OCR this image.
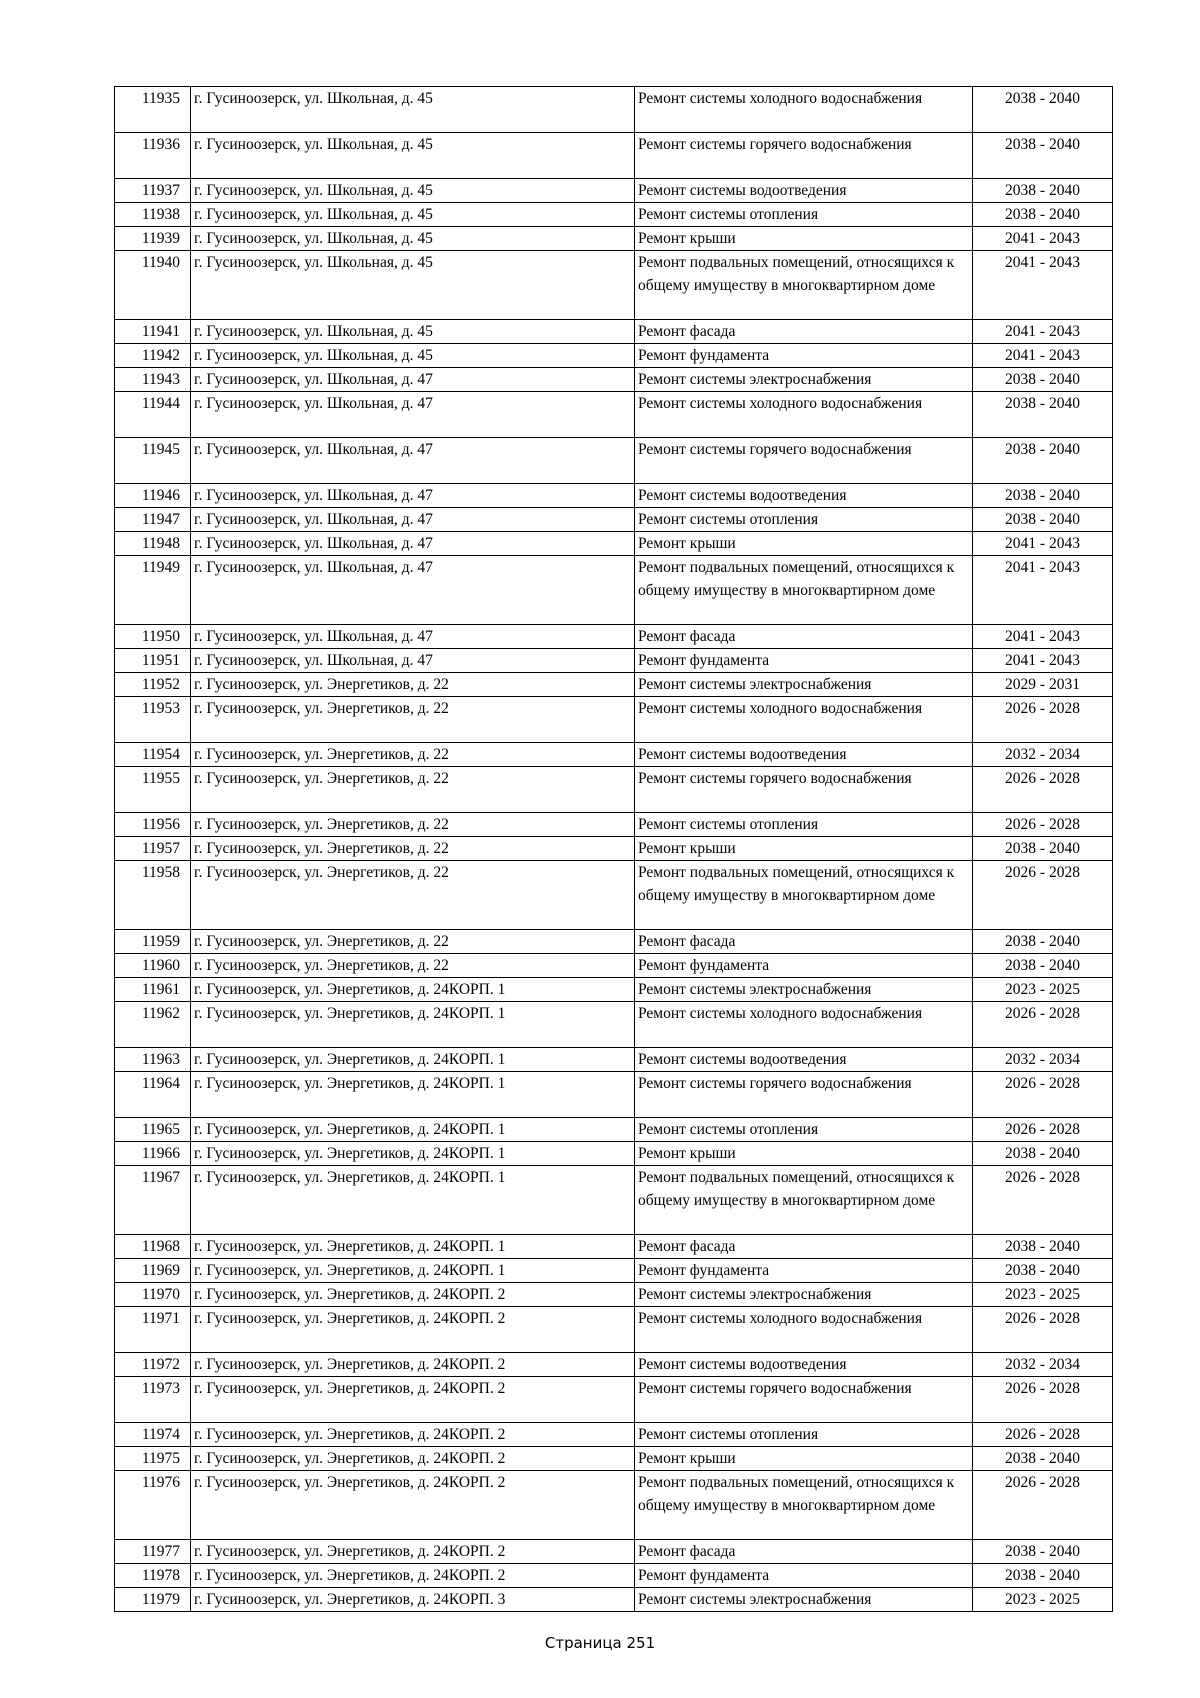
11935	г. Гусиноозерск, ул. Школьная, д. 45	Ремонт системы холодного водоснабжения	2038 - 2040
11936	г. Гусиноозерск, ул. Школьная, д. 45	Ремонт системы горячего водоснабжения	2038 - 2040
11937	г. Гусиноозерск, ул. Школьная, д. 45	Ремонт системы водоотведения	2038 - 2040
11938	г. Гусиноозерск, ул. Школьная, д. 45	Ремонт системы отопления	2038 - 2040
11939	г. Гусиноозерск, ул. Школьная, д. 45	Ремонт крыши	2041 - 2043
11940	г. Гусиноозерск, ул. Школьная, д. 45	Ремонт подвальных помещений, относящихся к общему имуществу в многоквартирном доме	2041 - 2043
11941	г. Гусиноозерск, ул. Школьная, д. 45	Ремонт фасада	2041 - 2043
11942	г. Гусиноозерск, ул. Школьная, д. 45	Ремонт фундамента	2041 - 2043
11943	г. Гусиноозерск, ул. Школьная, д. 47	Ремонт системы электроснабжения	2038 - 2040
11944	г. Гусиноозерск, ул. Школьная, д. 47	Ремонт системы холодного водоснабжения	2038 - 2040
11945	г. Гусиноозерск, ул. Школьная, д. 47	Ремонт системы горячего водоснабжения	2038 - 2040
11946	г. Гусиноозерск, ул. Школьная, д. 47	Ремонт системы водоотведения	2038 - 2040
11947	г. Гусиноозерск, ул. Школьная, д. 47	Ремонт системы отопления	2038 - 2040
11948	г. Гусиноозерск, ул. Школьная, д. 47	Ремонт крыши	2041 - 2043
11949	г. Гусиноозерск, ул. Школьная, д. 47	Ремонт подвальных помещений, относящихся к общему имуществу в многоквартирном доме	2041 - 2043
11950	г. Гусиноозерск, ул. Школьная, д. 47	Ремонт фасада	2041 - 2043
11951	г. Гусиноозерск, ул. Школьная, д. 47	Ремонт фундамента	2041 - 2043
11952	г. Гусиноозерск, ул. Энергетиков, д. 22	Ремонт системы электроснабжения	2029 - 2031
11953	г. Гусиноозерск, ул. Энергетиков, д. 22	Ремонт системы холодного водоснабжения	2026 - 2028
11954	г. Гусиноозерск, ул. Энергетиков, д. 22	Ремонт системы водоотведения	2032 - 2034
11955	г. Гусиноозерск, ул. Энергетиков, д. 22	Ремонт системы горячего водоснабжения	2026 - 2028
11956	г. Гусиноозерск, ул. Энергетиков, д. 22	Ремонт системы отопления	2026 - 2028
11957	г. Гусиноозерск, ул. Энергетиков, д. 22	Ремонт крыши	2038 - 2040
11958	г. Гусиноозерск, ул. Энергетиков, д. 22	Ремонт подвальных помещений, относящихся к общему имуществу в многоквартирном доме	2026 - 2028
11959	г. Гусиноозерск, ул. Энергетиков, д. 22	Ремонт фасада	2038 - 2040
11960	г. Гусиноозерск, ул. Энергетиков, д. 22	Ремонт фундамента	2038 - 2040
11961	г. Гусиноозерск, ул. Энергетиков, д. 24КОРП. 1	Ремонт системы электроснабжения	2023 - 2025
11962	г. Гусиноозерск, ул. Энергетиков, д. 24КОРП. 1	Ремонт системы холодного водоснабжения	2026 - 2028
11963	г. Гусиноозерск, ул. Энергетиков, д. 24КОРП. 1	Ремонт системы водоотведения	2032 - 2034
11964	г. Гусиноозерск, ул. Энергетиков, д. 24КОРП. 1	Ремонт системы горячего водоснабжения	2026 - 2028
11965	г. Гусиноозерск, ул. Энергетиков, д. 24КОРП. 1	Ремонт системы отопления	2026 - 2028
11966	г. Гусиноозерск, ул. Энергетиков, д. 24КОРП. 1	Ремонт крыши	2038 - 2040
11967	г. Гусиноозерск, ул. Энергетиков, д. 24КОРП. 1	Ремонт подвальных помещений, относящихся к общему имуществу в многоквартирном доме	2026 - 2028
11968	г. Гусиноозерск, ул. Энергетиков, д. 24КОРП. 1	Ремонт фасада	2038 - 2040
11969	г. Гусиноозерск, ул. Энергетиков, д. 24КОРП. 1	Ремонт фундамента	2038 - 2040
11970	г. Гусиноозерск, ул. Энергетиков, д. 24КОРП. 2	Ремонт системы электроснабжения	2023 - 2025
11971	г. Гусиноозерск, ул. Энергетиков, д. 24КОРП. 2	Ремонт системы холодного водоснабжения	2026 - 2028
11972	г. Гусиноозерск, ул. Энергетиков, д. 24КОРП. 2	Ремонт системы водоотведения	2032 - 2034
11973	г. Гусиноозерск, ул. Энергетиков, д. 24КОРП. 2	Ремонт системы горячего водоснабжения	2026 - 2028
11974	г. Гусиноозерск, ул. Энергетиков, д. 24КОРП. 2	Ремонт системы отопления	2026 - 2028
11975	г. Гусиноозерск, ул. Энергетиков, д. 24КОРП. 2	Ремонт крыши	2038 - 2040
11976	г. Гусиноозерск, ул. Энергетиков, д. 24КОРП. 2	Ремонт подвальных помещений, относящихся к общему имуществу в многоквартирном доме	2026 - 2028
11977	г. Гусиноозерск, ул. Энергетиков, д. 24КОРП. 2	Ремонт фасада	2038 - 2040
11978	г. Гусиноозерск, ул. Энергетиков, д. 24КОРП. 2	Ремонт фундамента	2038 - 2040
11979	г. Гусиноозерск, ул. Энергетиков, д. 24КОРП. 3	Ремонт системы электроснабжения	2023 - 2025
Страница 251
